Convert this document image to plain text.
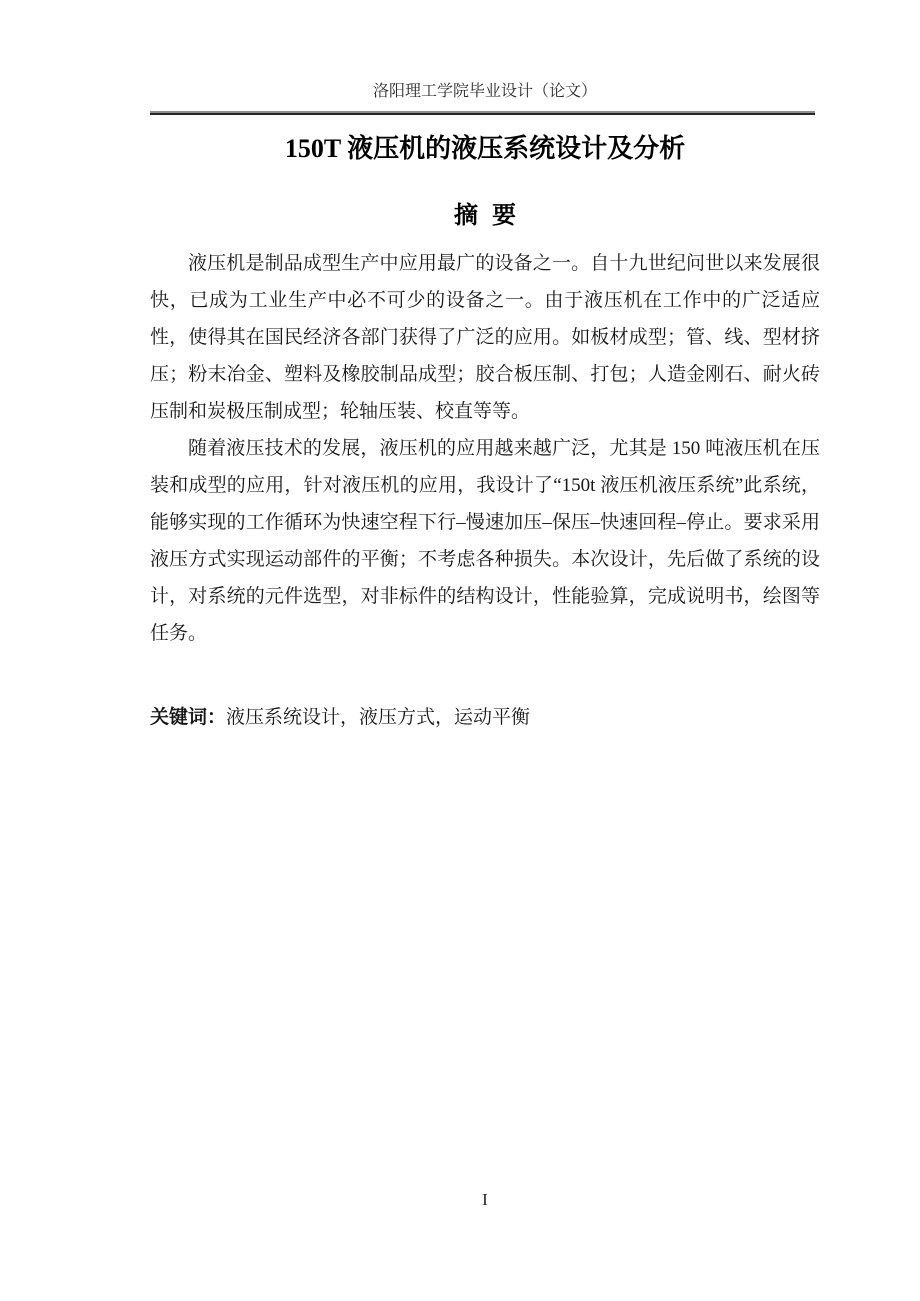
洛阳理工学院毕业设计（论文）
150T 液压机的液压系统设计及分析
摘 要

液压机是制品成型生产中应用最广的设备之一。自十九世纪问世以来发展很快，已成为工业生产中必不可少的设备之一。由于液压机在工作中的广泛适应性，使得其在国民经济各部门获得了广泛的应用。如板材成型；管、线、型材挤压；粉末冶金、塑料及橡胶制品成型；胶合板压制、打包；人造金刚石、耐火砖压制和炭极压制成型；轮轴压装、校直等等。

随着液压技术的发展，液压机的应用越来越广泛，尤其是 150 吨液压机在压装和成型的应用，针对液压机的应用，我设计了“150t 液压机液压系统”此系统，能够实现的工作循环为快速空程下行–慢速加压–保压–快速回程–停止。要求采用液压方式实现运动部件的平衡；不考虑各种损失。本次设计，先后做了系统的设计，对系统的元件选型，对非标件的结构设计，性能验算，完成说明书，绘图等任务。

关键词：液压系统设计，液压方式，运动平衡
I
